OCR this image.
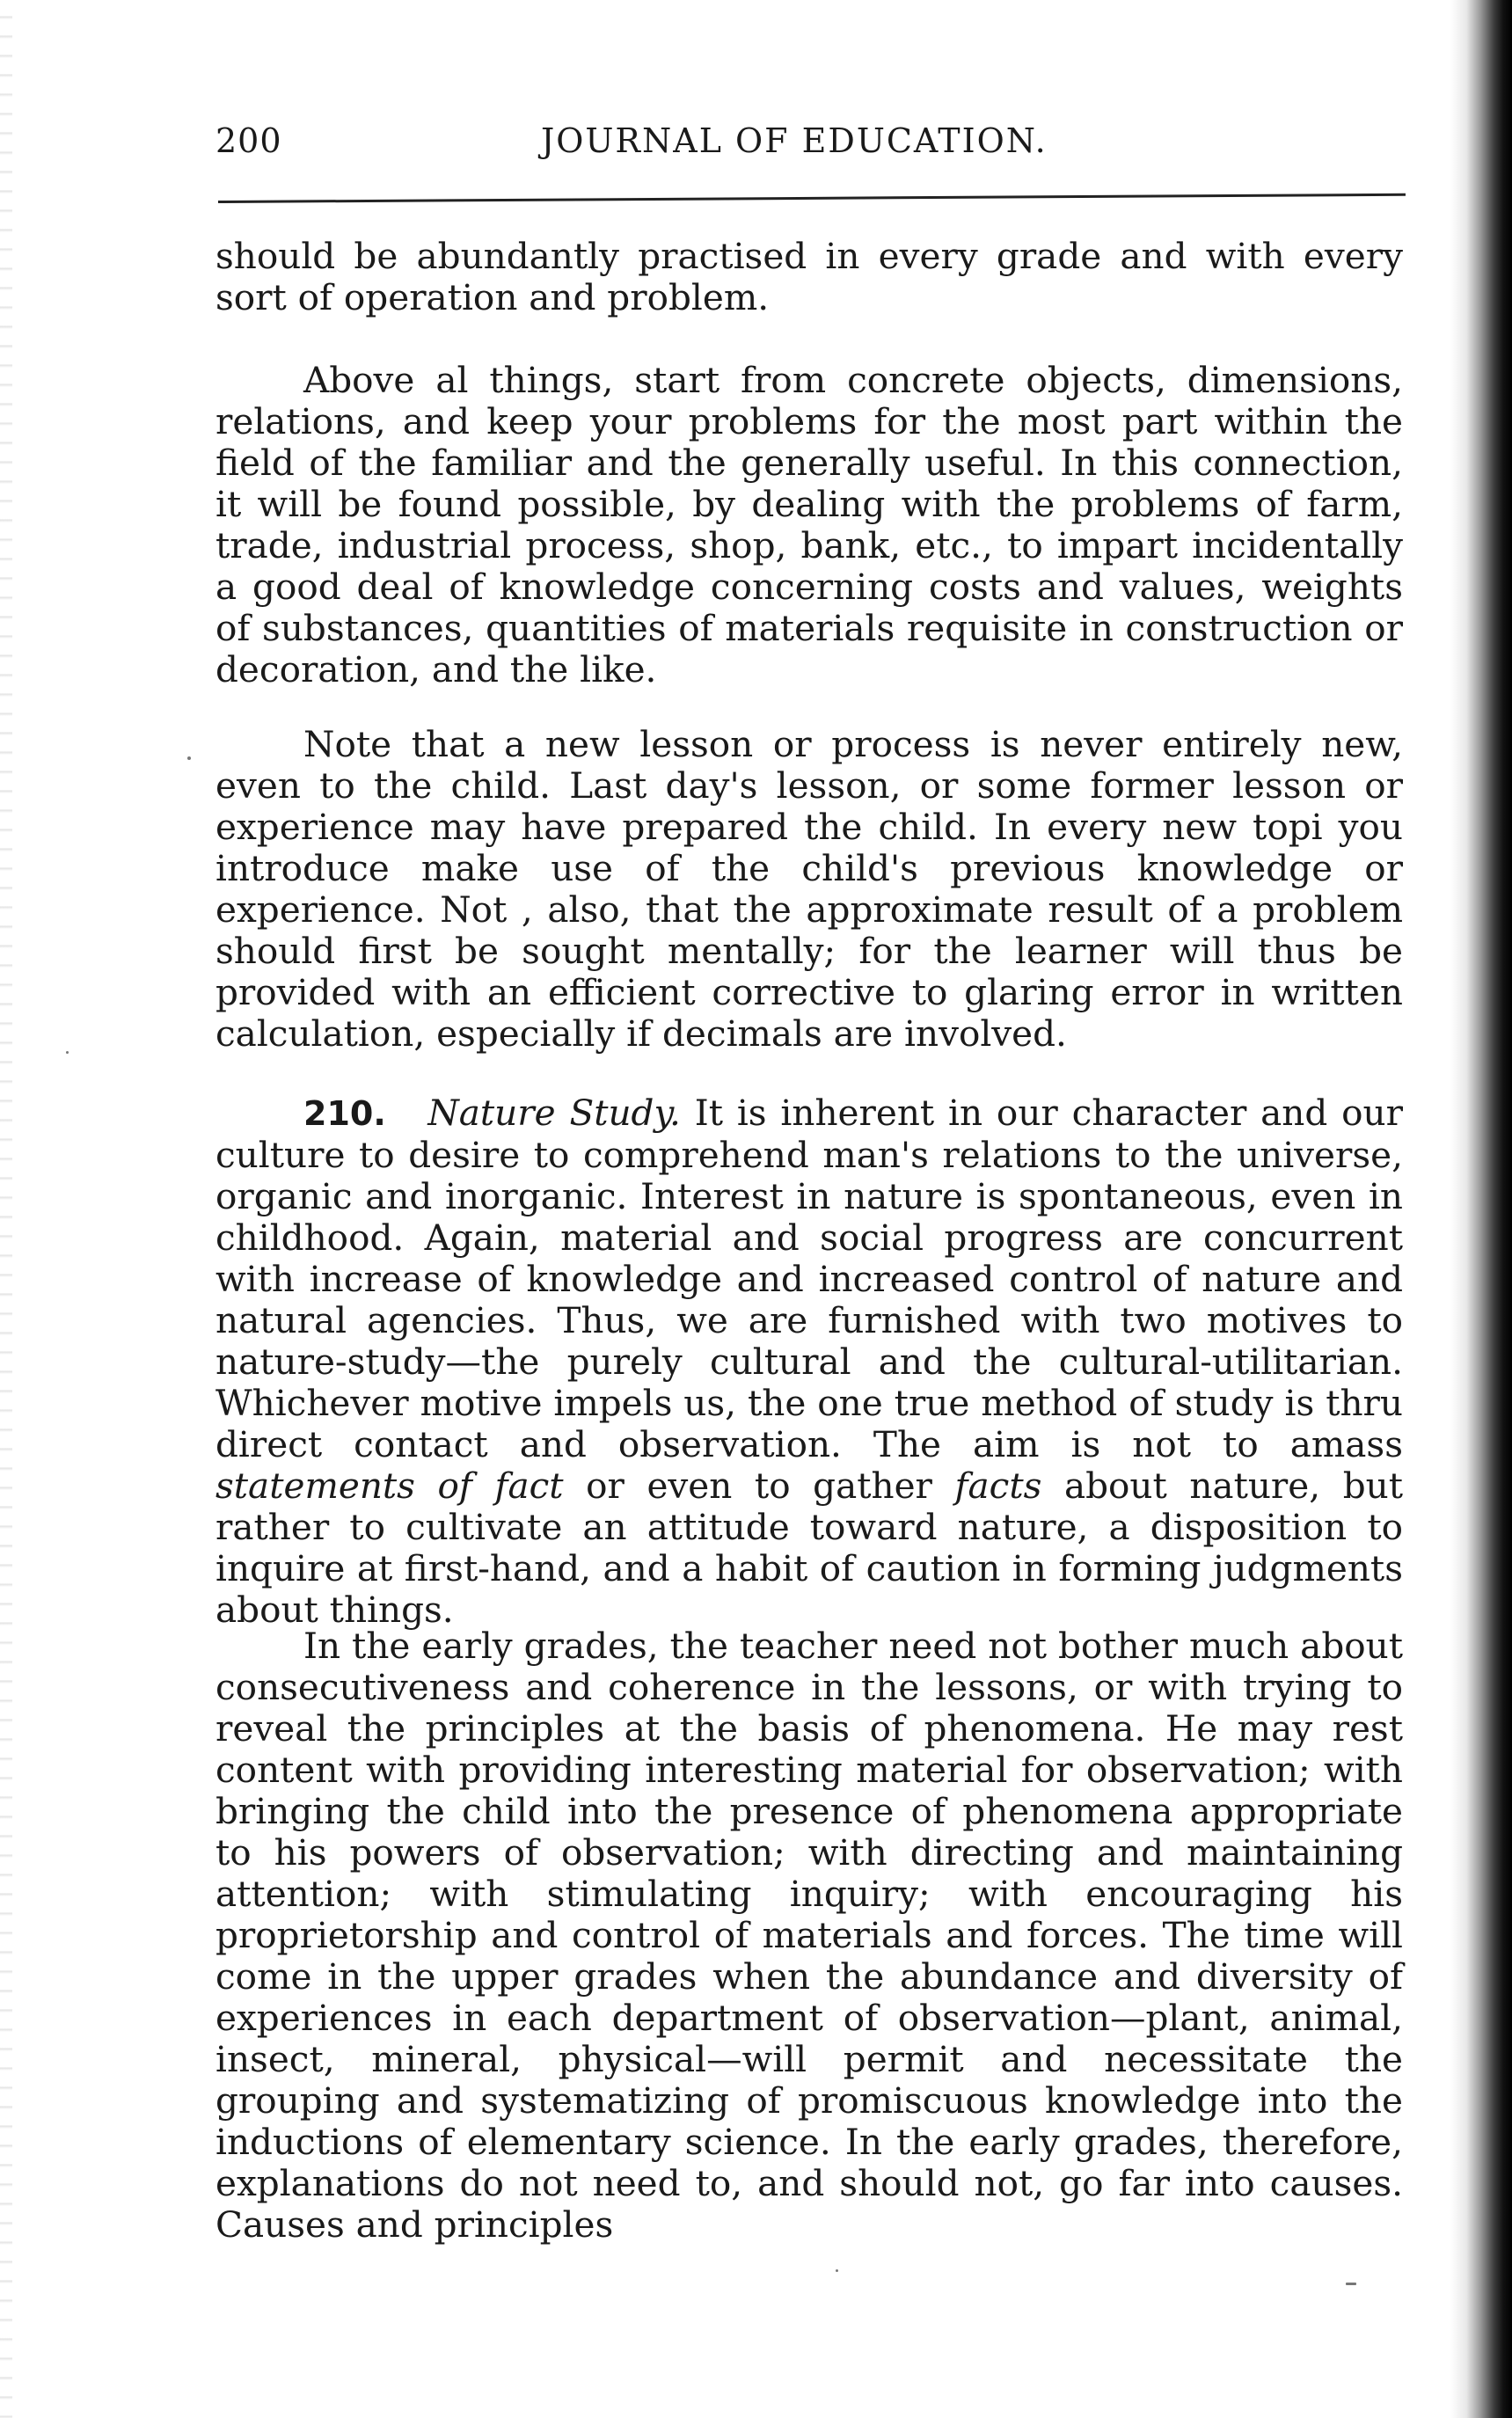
200	JOURNAL OF EDUCATION.

should be abundantly practised in every grade and with every sort of operation and problem.

Above al things, start from concrete objects, dimensions, relations, and keep your problems for the most part within the field of the familiar and the generally useful. In this connection, it will be found possible, by dealing with the problems of farm, trade, industrial process, shop, bank, etc., to impart incidentally a good deal of knowledge concerning costs and values, weights of substances, quantities of materials requisite in construction or decoration, and the like.

Note that a new lesson or process is never entirely new, even to the child. Last day's lesson, or some former lesson or experience may have prepared the child. In every new topi you introduce make use of the child's previous knowledge or experience. Not , also, that the approximate result of a problem should first be sought mentally; for the learner will thus be provided with an efficient corrective to glaring error in written calculation, especially if decimals are involved.

210. Nature Study. It is inherent in our character and our culture to desire to comprehend man's relations to the universe, organic and inorganic. Interest in nature is spontaneous, even in childhood. Again, material and social progress are concurrent with increase of knowledge and increased control of nature and natural agencies. Thus, we are furnished with two motives to nature-study—the purely cultural and the cultural-utilitarian. Whichever motive impels us, the one true method of study is thru direct contact and observation. The aim is not to amass statements of fact or even to gather facts about nature, but rather to cultivate an attitude toward nature, a disposition to inquire at first-hand, and a habit of caution in forming judgments about things.

In the early grades, the teacher need not bother much about consecutiveness and coherence in the lessons, or with trying to reveal the principles at the basis of phenomena. He may rest content with providing interesting material for observation; with bringing the child into the presence of phenomena appropriate to his powers of observation; with directing and maintaining attention; with stimulating inquiry; with encouraging his proprietorship and control of materials and forces. The time will come in the upper grades when the abundance and diversity of experiences in each department of observation—plant, animal, insect, mineral, physical—will permit and necessitate the grouping and systematizing of promiscuous knowledge into the inductions of elementary science. In the early grades, therefore, explanations do not need to, and should not, go far into causes. Causes and principles
